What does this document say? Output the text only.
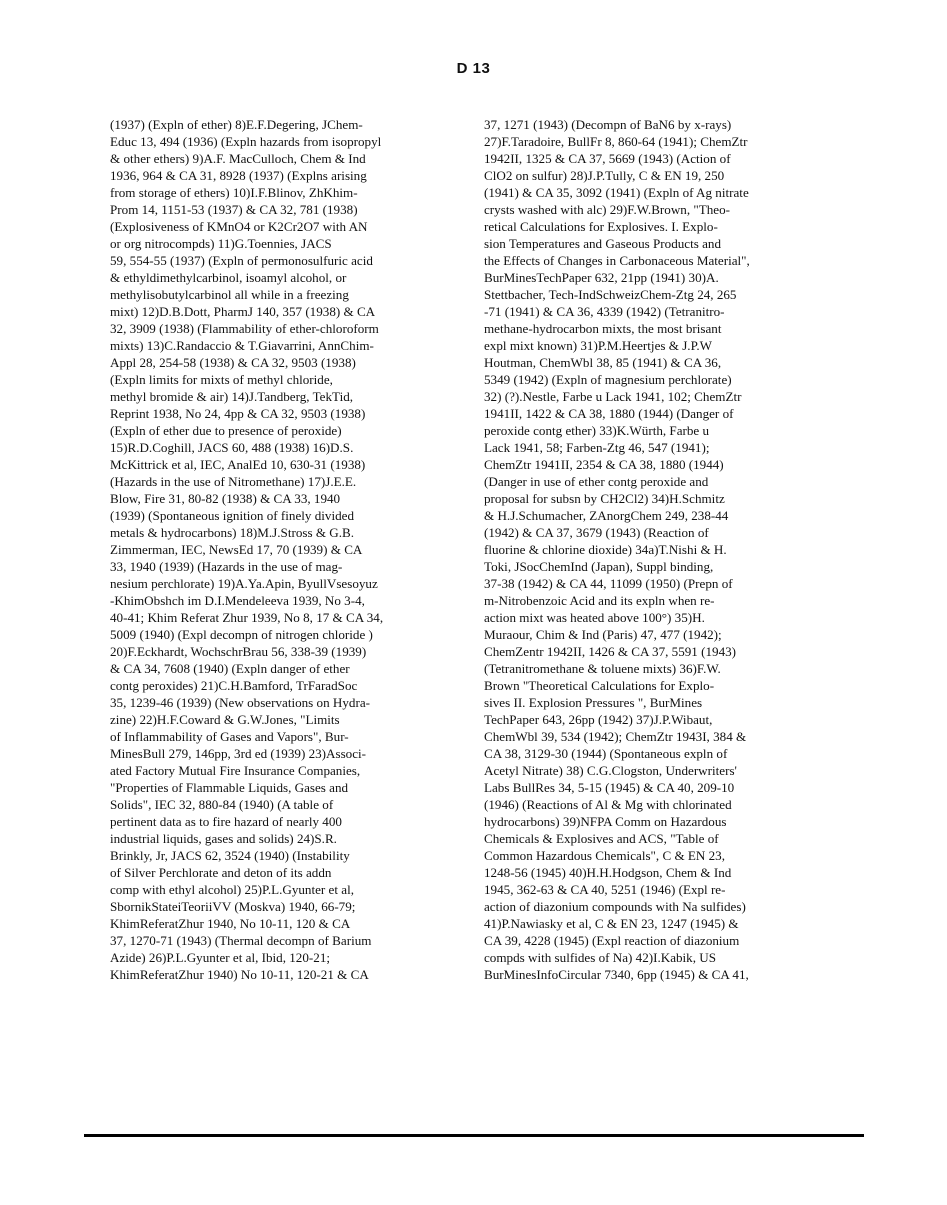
D 13

(1937) (Expln of ether) 8)E.F.Degering, JChem-

Educ 13, 494 (1936) (Expln hazards from isopropyl

& other ethers) 9)A.F. MacCulloch, Chem & Ind

1936, 964 & CA 31, 8928 (1937) (Explns arising

from storage of ethers) 10)I.F.Blinov, ZhKhim-

Prom 14, 1151-53 (1937) & CA 32, 781 (1938)

(Explosiveness of KMnO4 or K2Cr2O7 with AN

or org nitrocompds) 11)G.Toennies, JACS

59, 554-55 (1937) (Expln of permonosulfuric acid

& ethyldimethylcarbinol, isoamyl alcohol, or

methylisobutylcarbinol all while in a freezing

mixt) 12)D.B.Dott, PharmJ 140, 357 (1938) & CA

32, 3909 (1938) (Flammability of ether-chloroform

mixts) 13)C.Randaccio & T.Giavarrini, AnnChim-

Appl 28, 254-58 (1938) & CA 32, 9503 (1938)

(Expln limits for mixts of methyl chloride,

methyl bromide & air) 14)J.Tandberg, TekTid,

Reprint 1938, No 24, 4pp & CA 32, 9503 (1938)

(Expln of ether due to presence of peroxide)

15)R.D.Coghill, JACS 60, 488 (1938) 16)D.S.

McKittrick et al, IEC, AnalEd 10, 630-31 (1938)

(Hazards in the use of Nitromethane) 17)J.E.E.

Blow, Fire 31, 80-82 (1938) & CA 33, 1940

(1939) (Spontaneous ignition of finely divided

metals & hydrocarbons) 18)M.J.Stross & G.B.

Zimmerman, IEC, NewsEd 17, 70 (1939) & CA

33, 1940 (1939) (Hazards in the use of mag-

nesium perchlorate) 19)A.Ya.Apin, ByullVsesoyuz

-KhimObshch im D.I.Mendeleeva 1939, No 3-4,

40-41; Khim Referat Zhur 1939, No 8, 17 & CA 34,

5009 (1940) (Expl decompn of nitrogen chloride )

20)F.Eckhardt, WochschrBrau 56, 338-39 (1939)

& CA 34, 7608 (1940) (Expln danger of ether

contg peroxides) 21)C.H.Bamford, TrFaradSoc

35, 1239-46 (1939) (New observations on Hydra-

zine) 22)H.F.Coward & G.W.Jones, "Limits

of Inflammability of Gases and Vapors", Bur-

MinesBull 279, 146pp, 3rd ed (1939) 23)Associ-

ated Factory Mutual Fire Insurance Companies,

"Properties of Flammable Liquids, Gases and

Solids", IEC 32, 880-84 (1940) (A table of

pertinent data as to fire hazard of nearly 400

industrial liquids, gases and solids) 24)S.R.

Brinkly, Jr, JACS 62, 3524 (1940) (Instability

of Silver Perchlorate and deton of its addn

comp with ethyl alcohol) 25)P.L.Gyunter et al,

SbornikStateiTeoriiVV (Moskva) 1940, 66-79;

KhimReferatZhur 1940, No 10-11, 120 & CA

37, 1270-71 (1943) (Thermal decompn of Barium

Azide) 26)P.L.Gyunter et al, Ibid, 120-21;

KhimReferatZhur 1940) No 10-11, 120-21 & CA

37, 1271 (1943) (Decompn of BaN6 by x-rays)

27)F.Taradoire, BullFr 8, 860-64 (1941); ChemZtr

1942II, 1325 & CA 37, 5669 (1943) (Action of

ClO2 on sulfur) 28)J.P.Tully, C & EN 19, 250

(1941) & CA 35, 3092 (1941) (Expln of Ag nitrate

crysts washed with alc) 29)F.W.Brown, "Theo-

retical Calculations for Explosives. I. Explo-

sion Temperatures and Gaseous Products and

the Effects of Changes in Carbonaceous Material",

BurMinesTechPaper 632, 21pp (1941) 30)A.

Stettbacher, Tech-IndSchweizChem-Ztg 24, 265

-71 (1941) & CA 36, 4339 (1942) (Tetranitro-

methane-hydrocarbon mixts, the most brisant

expl mixt known) 31)P.M.Heertjes & J.P.W

Houtman, ChemWbl 38, 85 (1941) & CA 36,

5349 (1942) (Expln of magnesium perchlorate)

32) (?).Nestle, Farbe u Lack 1941, 102; ChemZtr

1941II, 1422 & CA 38, 1880 (1944) (Danger of

peroxide contg ether) 33)K.Würth, Farbe u

Lack 1941, 58; Farben-Ztg 46, 547 (1941);

ChemZtr 1941II, 2354 & CA 38, 1880 (1944)

(Danger in use of ether contg peroxide and

proposal for subsn by CH2Cl2) 34)H.Schmitz

& H.J.Schumacher, ZAnorgChem 249, 238-44

(1942) & CA 37, 3679 (1943) (Reaction of

fluorine & chlorine dioxide) 34a)T.Nishi & H.

Toki, JSocChemInd (Japan), Suppl binding,

37-38 (1942) & CA 44, 11099 (1950) (Prepn of

m-Nitrobenzoic Acid and its expln when re-

action mixt was heated above 100°) 35)H.

Muraour, Chim & Ind (Paris) 47, 477 (1942);

ChemZentr 1942II, 1426 & CA 37, 5591 (1943)

(Tetranitromethane & toluene mixts) 36)F.W.

Brown "Theoretical Calculations for Explo-

sives II. Explosion Pressures ", BurMines

TechPaper 643, 26pp (1942) 37)J.P.Wibaut,

ChemWbl 39, 534 (1942); ChemZtr 1943I, 384 &

CA 38, 3129-30 (1944) (Spontaneous expln of

Acetyl Nitrate) 38) C.G.Clogston, Underwriters'

Labs BullRes 34, 5-15 (1945) & CA 40, 209-10

(1946) (Reactions of Al & Mg with chlorinated

hydrocarbons) 39)NFPA Comm on Hazardous

Chemicals & Explosives and ACS, "Table of

Common Hazardous Chemicals", C & EN 23,

1248-56 (1945) 40)H.H.Hodgson, Chem & Ind

1945, 362-63 & CA 40, 5251 (1946) (Expl re-

action of diazonium compounds with Na sulfides)

41)P.Nawiasky et al, C & EN 23, 1247 (1945) &

CA 39, 4228 (1945) (Expl reaction of diazonium

compds with sulfides of Na) 42)I.Kabik, US

BurMinesInfoCircular 7340, 6pp (1945) & CA 41,
